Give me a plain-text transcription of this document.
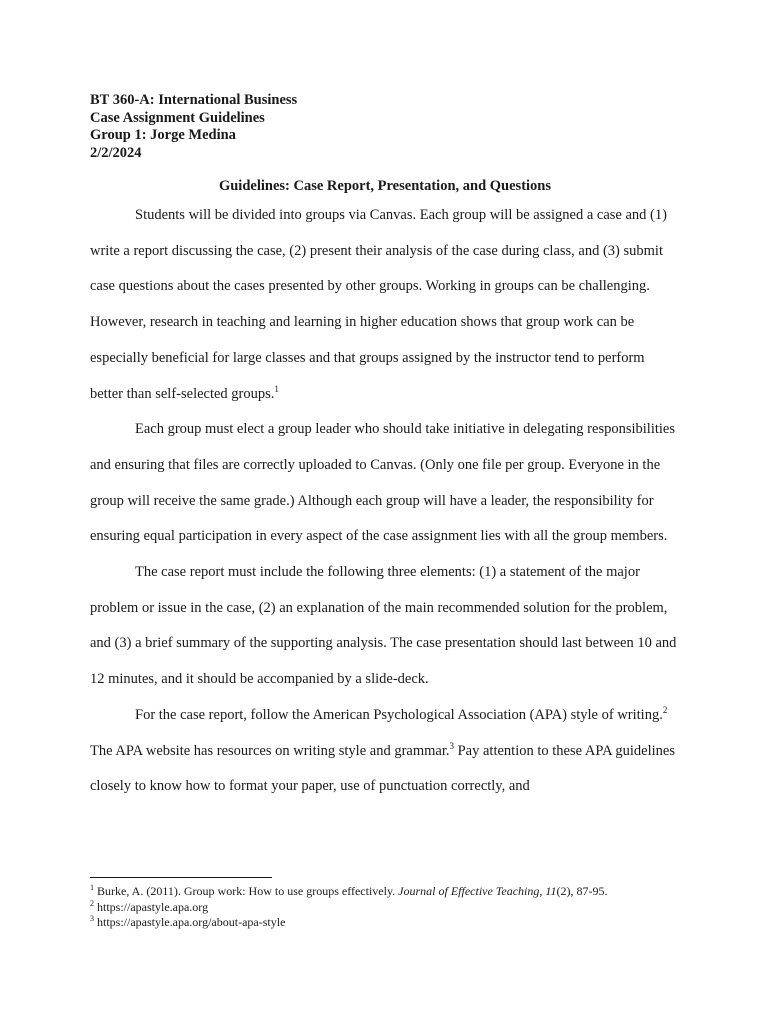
BT 360-A: International Business

Case Assignment Guidelines

Group 1: Jorge Medina

2/2/2024

Guidelines: Case Report, Presentation, and Questions

Students will be divided into groups via Canvas. Each group will be assigned a case and (1) write a report discussing the case, (2) present their analysis of the case during class, and (3) submit case questions about the cases presented by other groups. Working in groups can be challenging. However, research in teaching and learning in higher education shows that group work can be especially beneficial for large classes and that groups assigned by the instructor tend to perform better than self-selected groups.$^1$

Each group must elect a group leader who should take initiative in delegating responsibilities and ensuring that files are correctly uploaded to Canvas. (Only one file per group. Everyone in the group will receive the same grade.) Although each group will have a leader, the responsibility for ensuring equal participation in every aspect of the case assignment lies with all the group members.

The case report must include the following three elements: (1) a statement of the major problem or issue in the case, (2) an explanation of the main recommended solution for the problem, and (3) a brief summary of the supporting analysis. The case presentation should last between 10 and 12 minutes, and it should be accompanied by a slide-deck.

For the case report, follow the American Psychological Association (APA) style of writing.$^2$ The APA website has resources on writing style and grammar.$^3$ Pay attention to these APA guidelines closely to know how to format your paper, use of punctuation correctly, and

$^1$ Burke, A. (2011). Group work: How to use groups effectively. Journal of Effective Teaching, 11(2), 87-95.

$^2$ https://apastyle.apa.org

$^3$ https://apastyle.apa.org/about-apa-style
